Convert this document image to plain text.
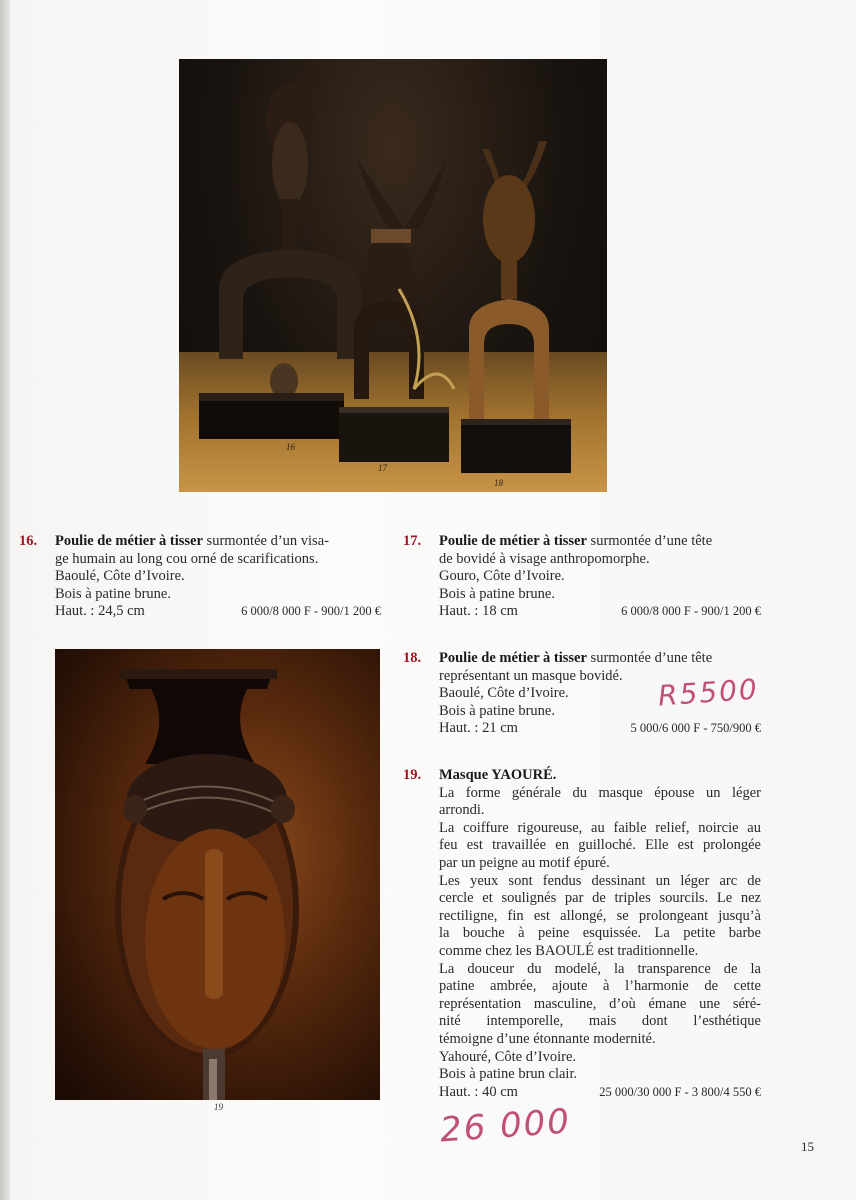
16
17
18
16. Poulie de métier à tisser surmontée d’un visa-
ge humain au long cou orné de scarifications.
Baoulé, Côte d’Ivoire.
Bois à patine brune.
Haut. : 24,5 cm	6 000/8 000 F - 900/1 200 €
17. Poulie de métier à tisser surmontée d’une tête
de bovidé à visage anthropomorphe.
Gouro, Côte d’Ivoire.
Bois à patine brune.
Haut. : 18 cm	6 000/8 000 F - 900/1 200 €
18. Poulie de métier à tisser surmontée d’une tête
représentant un masque bovidé.
Baoulé, Côte d’Ivoire.
Bois à patine brune.
Haut. : 21 cm	5 000/6 000 F - 750/900 €
R5500
19
19. Masque YAOURÉ.
La forme générale du masque épouse un léger
arrondi.
La coiffure rigoureuse, au faible relief, noircie au
feu est travaillée en guilloché. Elle est prolongée
par un peigne au motif épuré.
Les yeux sont fendus dessinant un léger arc de
cercle et soulignés par de triples sourcils. Le nez
rectiligne, fin est allongé, se prolongeant jusqu’à
la bouche à peine esquissée. La petite barbe
comme chez les BAOULÉ est traditionnelle.
La douceur du modelé, la transparence de la
patine ambrée, ajoute à l’harmonie de cette
représentation masculine, d’où émane une séré-
nité intemporelle, mais dont l’esthétique
témoigne d’une étonnante modernité.
Yahouré, Côte d’Ivoire.
Bois à patine brun clair.
Haut. : 40 cm	25 000/30 000 F - 3 800/4 550 €
26 000	15
